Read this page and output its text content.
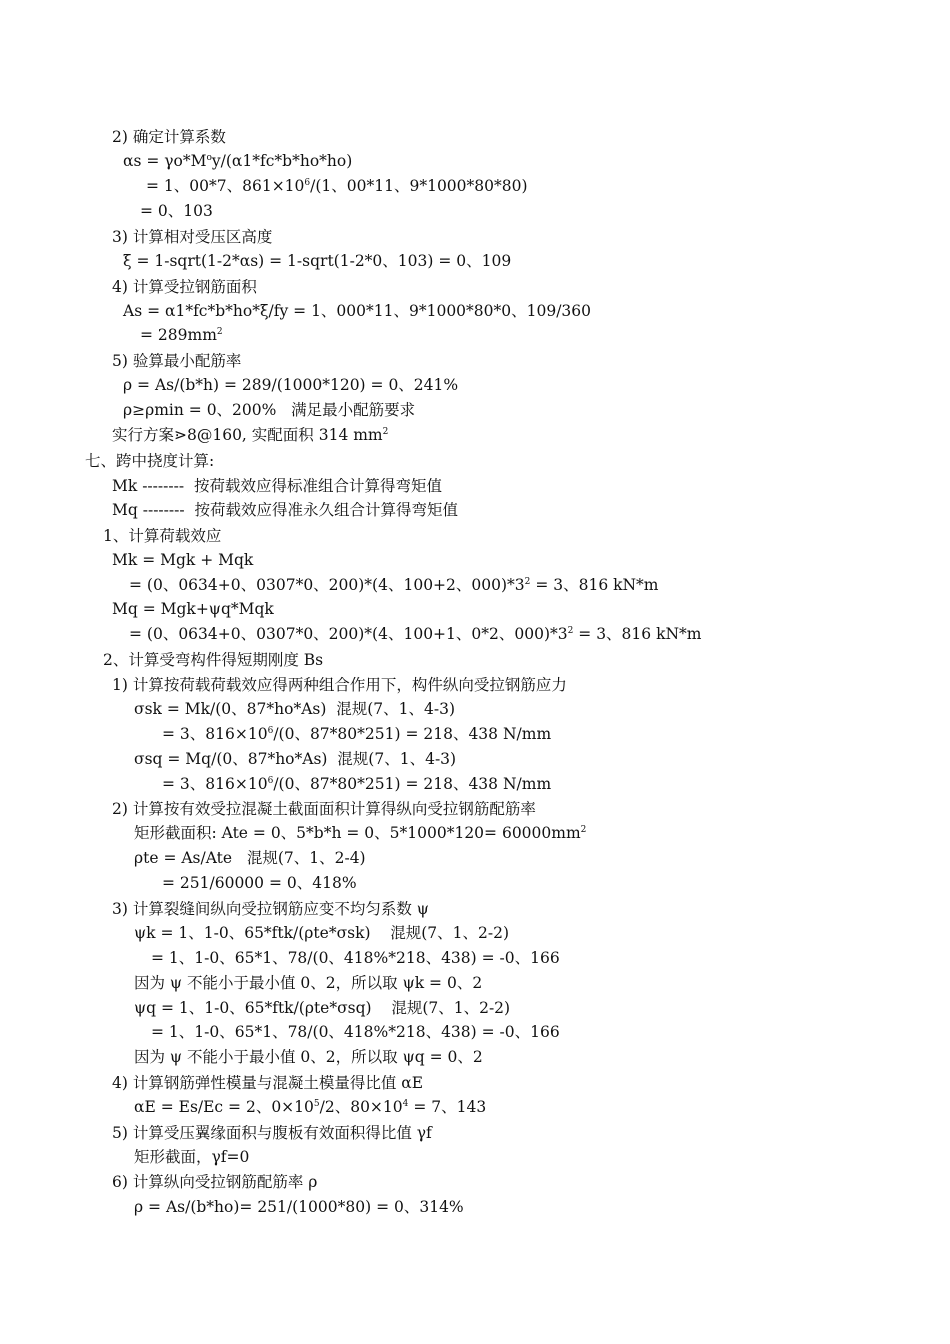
2) 确定计算系数
$\alpha s = \gamma o*M^oy/(\alpha 1*fc*b*ho*ho)$
= 1、00*7、$861\times 10^6/(1$、00*11、9*1000*80*80)
= 0、103
3) 计算相对受压区高度
ξ = 1-sqrt(1-2*αs) = 1-sqrt(1-2*0、103) = 0、109
4) 计算受拉钢筋面积
As = α1*fc*b*ho*ξ/fy = 1、000*11、9*1000*80*0、109/360
= $289mm^2$
5) 验算最小配筋率
ρ = As/(b*h) = 289/(1000*120) = 0、241%
ρ≥ρmin = 0、200%   满足最小配筋要求
实行方案⋗8@160, 实配面积 314 $mm^2$
七、跨中挠度计算:
Mk --------  按荷载效应得标准组合计算得弯矩值
Mq --------  按荷载效应得准永久组合计算得弯矩值
1、计算荷载效应
Mk = Mgk + Mqk
= (0、0634+0、0307*0、200)*(4、100+2、$000)*3^2 = 3$、816 kN*m
Mq = Mgk+ψq*Mqk
= (0、0634+0、0307*0、200)*(4、100+1、0*2、$000)*3^2 = 3$、816 kN*m
2、计算受弯构件得短期刚度 Bs
1) 计算按荷载荷载效应得两种组合作用下，构件纵向受拉钢筋应力
σsk = Mk/(0、87*ho*As)  混规(7、1、4-3)
= 3、$816\times 10^6/(0$、87*80*251) = 218、438 N/mm
σsq = Mq/(0、87*ho*As)  混规(7、1、4-3)
= 3、$816\times 10^6/(0$、87*80*251) = 218、438 N/mm
2) 计算按有效受拉混凝土截面面积计算得纵向受拉钢筋配筋率
矩形截面积: Ate = 0、5*b*h = 0、$5*1000*120= 60000mm^2$
ρte = As/Ate   混规(7、1、2-4)
= 251/60000 = 0、418%
3) 计算裂缝间纵向受拉钢筋应变不均匀系数 ψ
ψk = 1、1-0、65*ftk/(ρte*σsk)    混规(7、1、2-2)
= 1、1-0、65*1、78/(0、418%*218、438) = -0、166
因为 ψ 不能小于最小值 0、2，所以取 ψk = 0、2
ψq = 1、1-0、65*ftk/(ρte*σsq)    混规(7、1、2-2)
= 1、1-0、65*1、78/(0、418%*218、438) = -0、166
因为 ψ 不能小于最小值 0、2，所以取 ψq = 0、2
4) 计算钢筋弹性模量与混凝土模量得比值 αE
αE = Es/Ec = 2、$0\times 10^5/2$、$80\times 10^4 = 7$、143
5) 计算受压翼缘面积与腹板有效面积得比值 γf
矩形截面，γf=0
6) 计算纵向受拉钢筋配筋率 ρ
ρ = As/(b*ho)= 251/(1000*80) = 0、314%
